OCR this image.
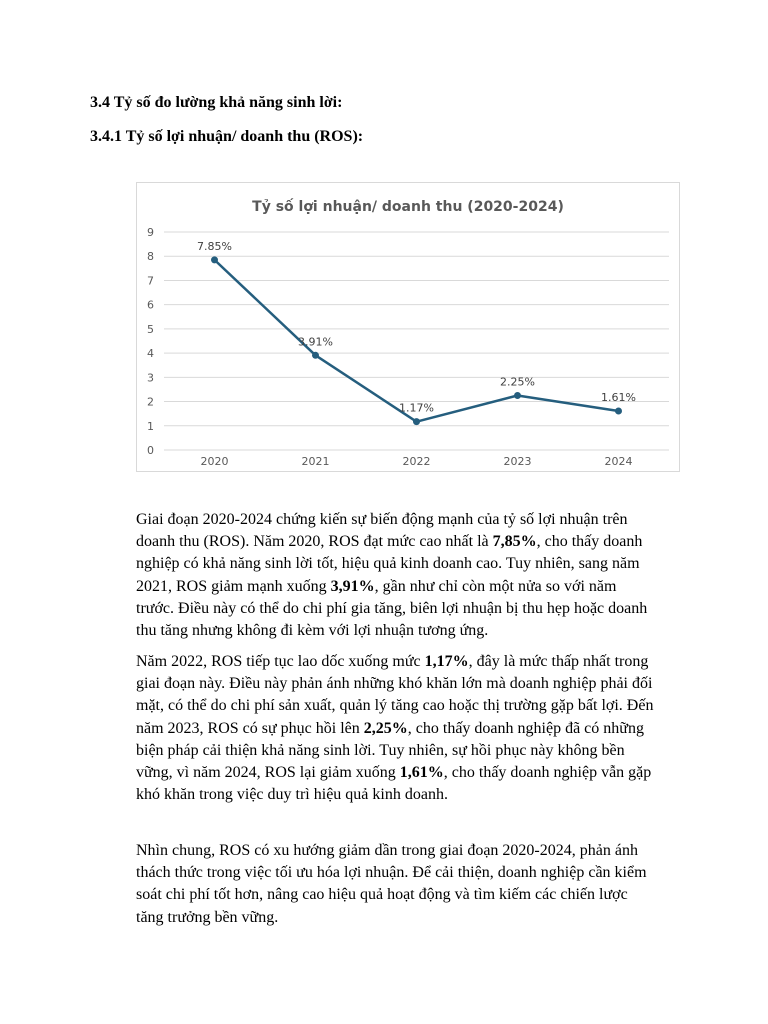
3.4 Tỷ số đo lường khả năng sinh lời:
3.4.1 Tỷ số lợi nhuận/ doanh thu (ROS):
Tỷ số lợi nhuận/ doanh thu (2020-2024)
0
1
2
3
4
5
6
7
8
9
2020	2021	2022	2023	2024
7.85%
3.91%
1.17%
2.25%
1.61%

Giai đoạn 2020-2024 chứng kiến sự biến động mạnh của tỷ số lợi nhuận trên doanh thu (ROS). Năm 2020, ROS đạt mức cao nhất là 7,85%, cho thấy doanh nghiệp có khả năng sinh lời tốt, hiệu quả kinh doanh cao. Tuy nhiên, sang năm 2021, ROS giảm mạnh xuống 3,91%, gần như chỉ còn một nửa so với năm trước. Điều này có thể do chi phí gia tăng, biên lợi nhuận bị thu hẹp hoặc doanh thu tăng nhưng không đi kèm với lợi nhuận tương ứng.

Năm 2022, ROS tiếp tục lao dốc xuống mức 1,17%, đây là mức thấp nhất trong giai đoạn này. Điều này phản ánh những khó khăn lớn mà doanh nghiệp phải đối mặt, có thể do chi phí sản xuất, quản lý tăng cao hoặc thị trường gặp bất lợi. Đến năm 2023, ROS có sự phục hồi lên 2,25%, cho thấy doanh nghiệp đã có những biện pháp cải thiện khả năng sinh lời. Tuy nhiên, sự hồi phục này không bền vững, vì năm 2024, ROS lại giảm xuống 1,61%, cho thấy doanh nghiệp vẫn gặp khó khăn trong việc duy trì hiệu quả kinh doanh.

Nhìn chung, ROS có xu hướng giảm dần trong giai đoạn 2020-2024, phản ánh thách thức trong việc tối ưu hóa lợi nhuận. Để cải thiện, doanh nghiệp cần kiểm soát chi phí tốt hơn, nâng cao hiệu quả hoạt động và tìm kiếm các chiến lược tăng trưởng bền vững.
